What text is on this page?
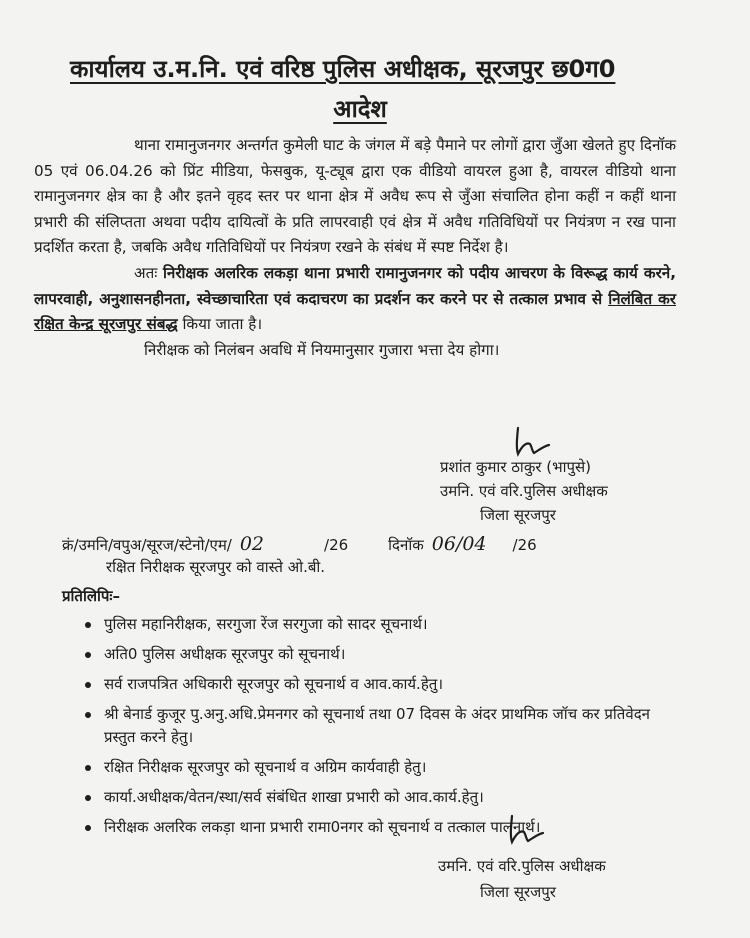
कार्यालय उ.म.नि. एवं वरिष्ठ पुलिस अधीक्षक, सूरजपुर छ0ग0
आदेश

थाना रामानुजनगर अन्तर्गत कुमेली घाट के जंगल में बड़े पैमाने पर लोगों द्वारा जुँआ खेलते हुए दिनॉक 05 एवं 06.04.26 को प्रिंट मीडिया, फेसबुक, यू-ट्यूब द्वारा एक वीडियो वायरल हुआ है, वायरल वीडियो थाना रामानुजनगर क्षेत्र का है और इतने वृहद स्तर पर थाना क्षेत्र में अवैध रूप से जुँआ संचालित होना कहीं न कहीं थाना प्रभारी की संलिप्तता अथवा पदीय दायित्वों के प्रति लापरवाही एवं क्षेत्र में अवैध गतिविधियों पर नियंत्रण न रख पाना प्रदर्शित करता है, जबकि अवैध गतिविधियों पर नियंत्रण रखने के संबंध में स्पष्ट निर्देश है।

अतः निरीक्षक अलरिक लकड़ा थाना प्रभारी रामानुजनगर को पदीय आचरण के विरूद्ध कार्य करने, लापरवाही, अनुशासनहीनता, स्वेच्छाचारिता एवं कदाचरण का प्रदर्शन कर करने पर से तत्काल प्रभाव से निलंबित कर रक्षित केन्द्र सूरजपुर संबद्ध किया जाता है।

निरीक्षक को निलंबन अवधि में नियमानुसार गुजारा भत्ता देय होगा।

प्रशांत कुमार ठाकुर (भापुसे)
उमनि. एवं वरि.पुलिस अधीक्षक
जिला सूरजपुर
क्रं/उमनि/वपुअ/सूरज/स्टेनो/एम/ 02	/26	दिनॉक 06/04 /26
रक्षित निरीक्षक सूरजपुर को वास्ते ओ.बी.
प्रतिलिपिः–
पुलिस महानिरीक्षक, सरगुजा रेंज सरगुजा को सादर सूचनार्थ।
अति0 पुलिस अधीक्षक सूरजपुर को सूचनार्थ।
सर्व राजपत्रित अधिकारी सूरजपुर को सूचनार्थ व आव.कार्य.हेतु।
श्री बेनार्ड कुजूर पु.अनु.अधि.प्रेमनगर को सूचनार्थ तथा 07 दिवस के अंदर प्राथमिक जॉच कर प्रतिवेदन प्रस्तुत करने हेतु।
रक्षित निरीक्षक सूरजपुर को सूचनार्थ व अग्रिम कार्यवाही हेतु।
कार्या.अधीक्षक/वेतन/स्था/सर्व संबंधित शाखा प्रभारी को आव.कार्य.हेतु।
निरीक्षक अलरिक लकड़ा थाना प्रभारी रामा0नगर को सूचनार्थ व तत्काल पालनार्थ।
उमनि. एवं वरि.पुलिस अधीक्षक
जिला सूरजपुर
